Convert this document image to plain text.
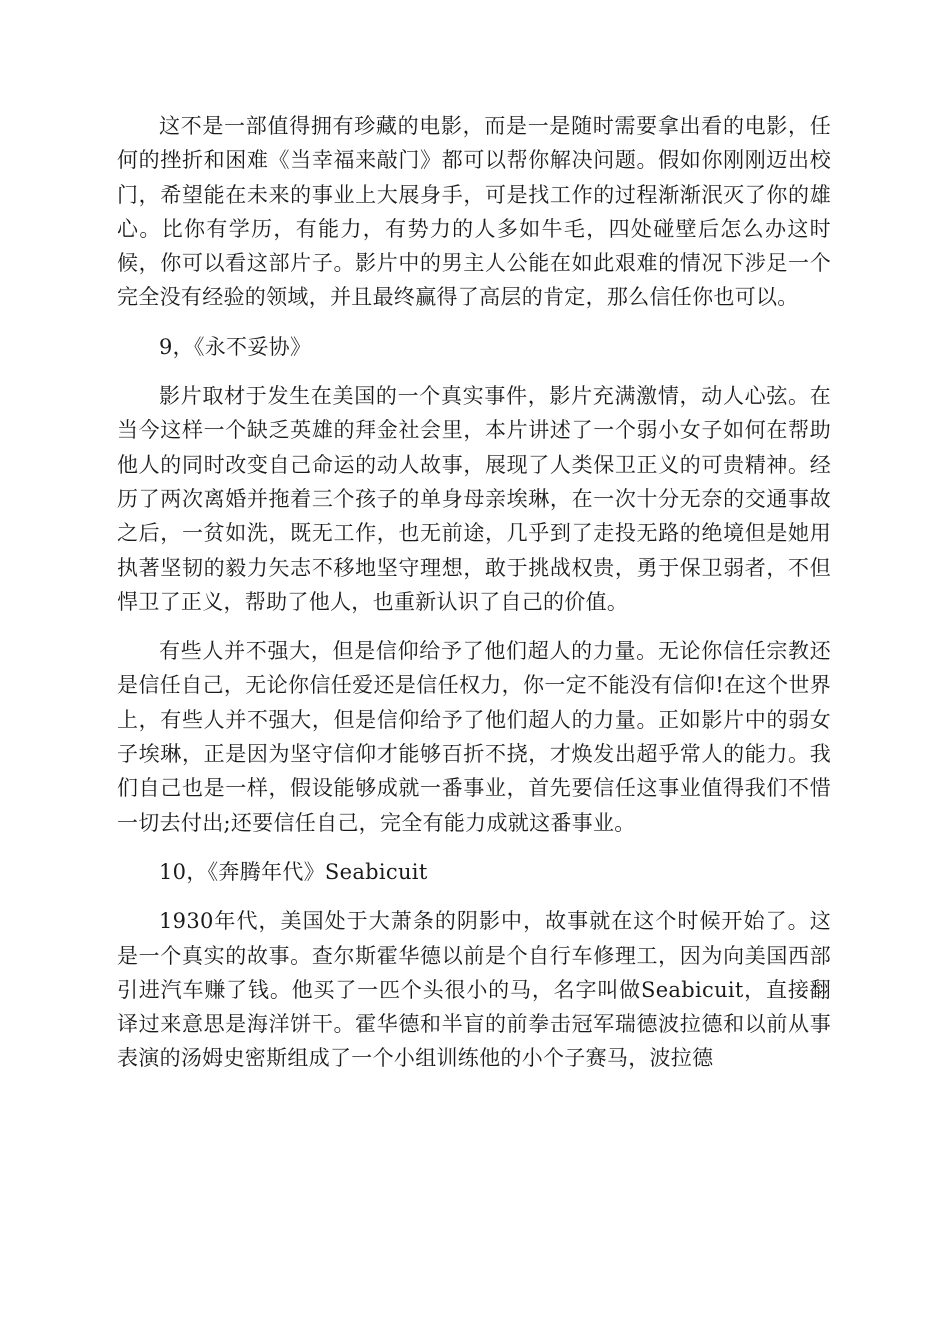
这不是一部值得拥有珍藏的电影，而是一是随时需要拿出看的电影，任何的挫折和困难《当幸福来敲门》都可以帮你解决问题。假如你刚刚迈出校门，希望能在未来的事业上大展身手，可是找工作的过程渐渐泯灭了你的雄心。比你有学历，有能力，有势力的人多如牛毛，四处碰壁后怎么办这时候，你可以看这部片子。影片中的男主人公能在如此艰难的情况下涉足一个完全没有经验的领域，并且最终赢得了高层的肯定，那么信任你也可以。

9，《永不妥协》

影片取材于发生在美国的一个真实事件，影片充满激情，动人心弦。在当今这样一个缺乏英雄的拜金社会里，本片讲述了一个弱小女子如何在帮助他人的同时改变自己命运的动人故事，展现了人类保卫正义的可贵精神。经历了两次离婚并拖着三个孩子的单身母亲埃琳，在一次十分无奈的交通事故之后，一贫如洗，既无工作，也无前途，几乎到了走投无路的绝境但是她用执著坚韧的毅力矢志不移地坚守理想，敢于挑战权贵，勇于保卫弱者，不但悍卫了正义，帮助了他人，也重新认识了自己的价值。

有些人并不强大，但是信仰给予了他们超人的力量。无论你信任宗教还是信任自己，无论你信任爱还是信任权力，你一定不能没有信仰!在这个世界上，有些人并不强大，但是信仰给予了他们超人的力量。正如影片中的弱女子埃琳，正是因为坚守信仰才能够百折不挠，才焕发出超乎常人的能力。我们自己也是一样，假设能够成就一番事业，首先要信任这事业值得我们不惜一切去付出;还要信任自己，完全有能力成就这番事业。

10，《奔腾年代》Seabicuit

1930年代，美国处于大萧条的阴影中，故事就在这个时候开始了。这是一个真实的故事。查尔斯霍华德以前是个自行车修理工，因为向美国西部引进汽车赚了钱。他买了一匹个头很小的马，名字叫做Seabicuit，直接翻译过来意思是海洋饼干。霍华德和半盲的前拳击冠军瑞德波拉德和以前从事表演的汤姆史密斯组成了一个小组训练他的小个子赛马，波拉德
